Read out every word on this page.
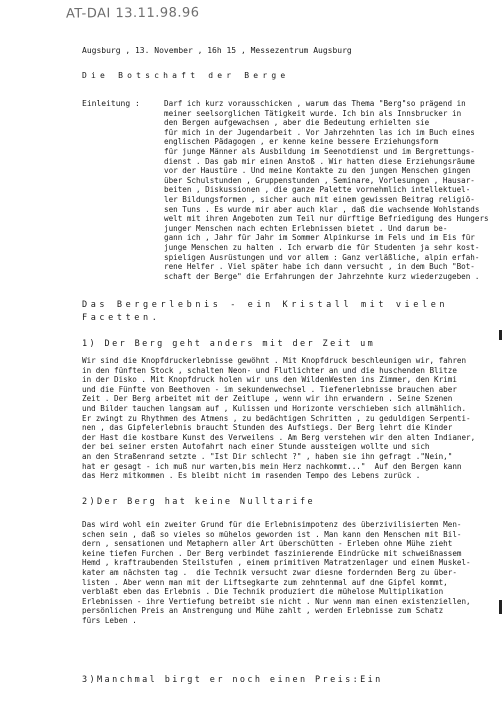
AT-DAI 13.11.98.96
Augsburg , 13. November , 16h 15 , Messezentrum Augsburg
Die Botschaft der Berge
Einleitung :	Darf ich kurz vorausschicken , warum das Thema "Berg"so prägend in
meiner seelsorglichen Tätigkeit wurde. Ich bin als Innsbrucker in
den Bergen aufgewachsen , aber die Bedeutung erhielten sie
für mich in der Jugendarbeit . Vor Jahrzehnten las ich im Buch eines
englischen Pädagogen , er kenne keine bessere Erziehungsform
für junge Männer als Ausbildung im Seenotdienst und im Bergrettungs-
dienst . Das gab mir einen Anstoß . Wir hatten diese Erziehungsräume
vor der Haustüre . Und meine Kontakte zu den jungen Menschen gingen
über Schulstunden , Gruppenstunden , Seminare, Vorlesungen , Hausar-
beiten , Diskussionen , die ganze Palette vornehmlich intellektuel-
ler Bildungsformen , sicher auch mit einem gewissen Beitrag religiö-
sen Tuns . Es wurde mir aber auch klar , daß die wachsende Wohlstands
welt mit ihren Angeboten zum Teil nur dürftige Befriedigung des Hungers
junger Menschen nach echten Erlebnissen bietet . Und darum be-
gann ich , Jahr für Jahr im Sommer Alpinkurse im Fels und im Eis für
junge Menschen zu halten . Ich erwarb die für Studenten ja sehr kost-
spieligen Ausrüstungen und vor allem : Ganz verläßliche, alpin erfah-
rene Helfer . Viel später habe ich dann versucht , in dem Buch "Bot-
schaft der Berge" die Erfahrungen der Jahrzehnte kurz wiederzugeben .
Das Bergerlebnis - ein Kristall mit vielen
Facetten.
1) Der Berg geht anders mit der Zeit um
Wir sind die Knopfdruckerlebnisse gewöhnt . Mit Knopfdruck beschleunigen wir, fahren
in den fünften Stock , schalten Neon- und Flutlichter an und die huschenden Blitze
in der Disko . Mit Knopfdruck holen wir uns den WildenWesten ins Zimmer, den Krimi
und die Fünfte von Beethoven - im sekundenwechsel . Tiefenerlebnisse brauchen aber
Zeit . Der Berg arbeitet mit der Zeitlupe , wenn wir ihn erwandern . Seine Szenen
und Bilder tauchen langsam auf , Kulissen und Horizonte verschieben sich allmählich.
Er zwingt zu Rhythmen des Atmens , zu bedächtigen Schritten , zu geduldigen Serpenti-
nen , das Gipfelerlebnis braucht Stunden des Aufstiegs. Der Berg lehrt die Kinder
der Hast die kostbare Kunst des Verweilens . Am Berg verstehen wir den alten Indianer,
der bei seiner ersten Autofahrt nach einer Stunde aussteigen wollte und sich
an den Straßenrand setzte . "Ist Dir schlecht ?" , haben sie ihn gefragt ."Nein,"
hat er gesagt - ich muß nur warten,bis mein Herz nachkommt..."  Auf den Bergen kann
das Herz mitkommen . Es bleibt nicht im rasenden Tempo des Lebens zurück .
2)Der Berg hat keine Nulltarife
Das wird wohl ein zweiter Grund für die Erlebnisimpotenz des überzivilisierten Men-
schen sein , daß so vieles so mühelos geworden ist . Man kann den Menschen mit Bil-
dern , sensationen und Metaphern aller Art überschütten - Erleben ohne Mühe zieht
keine tiefen Furchen . Der Berg verbindet faszinierende Eindrücke mit schweißnassem
Hemd , kraftraubenden Steilstufen , einem primitiven Matratzenlager und einem Muskel-
kater am nächsten tag .  die Technik versucht zwar diesne fordernden Berg zu über-
listen . Aber wenn man mit der Liftsegkarte zum zehntenmal auf dne Gipfel kommt,
verblaßt eben das Erlebnis . Die Technik produziert die mühelose Multiplikation
Erlebnissen - ihre Vertiefung betreibt sie nicht . Nur wenn man einen existenziellen,
persönlichen Preis an Anstrengung und Mühe zahlt , werden Erlebnisse zum Schatz
fürs Leben .
3)Manchmal birgt er noch einen Preis:Ein
